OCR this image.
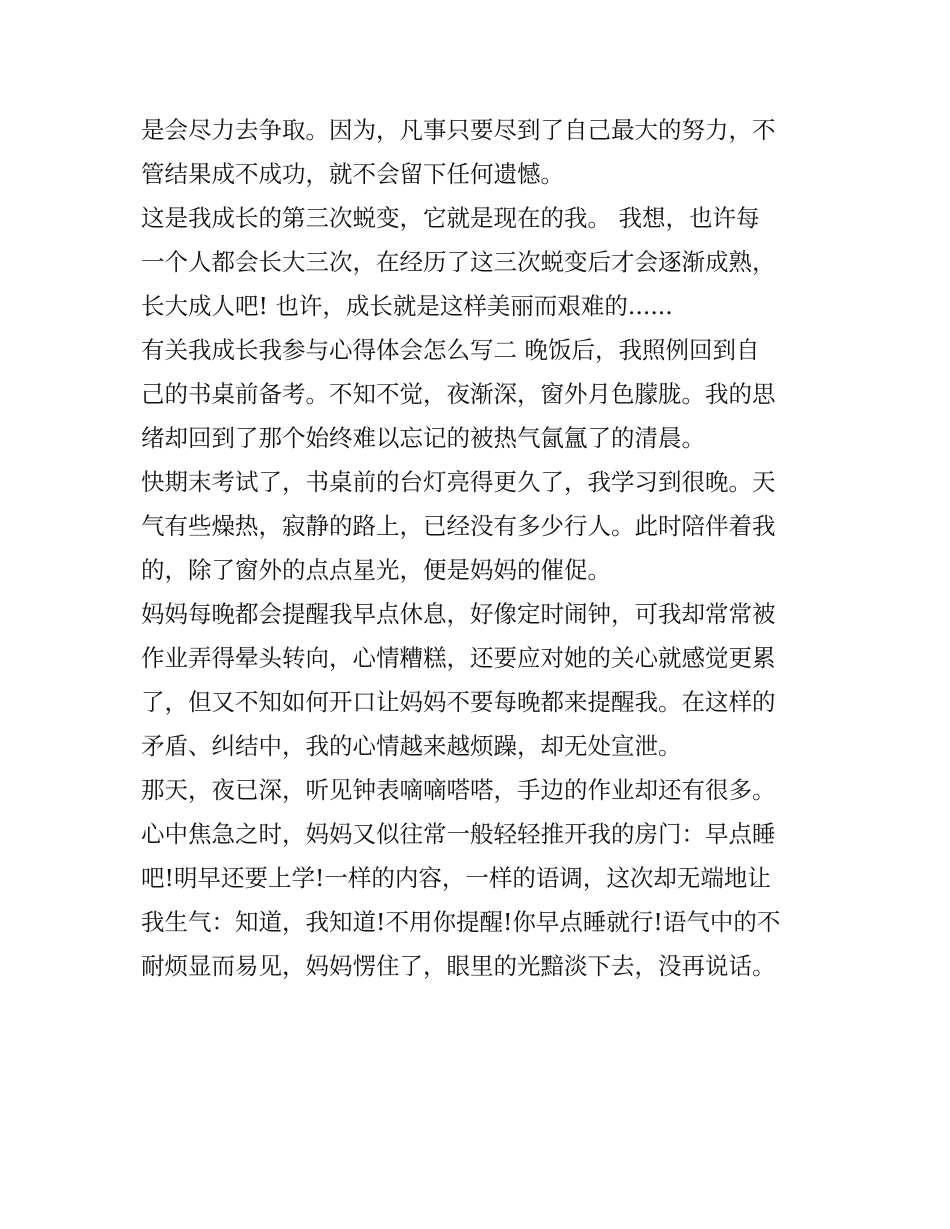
是会尽力去争取。因为，凡事只要尽到了自己最大的努力，不
管结果成不成功，就不会留下任何遗憾。
这是我成长的第三次蜕变，它就是现在的我。 我想，也许每
一个人都会长大三次，在经历了这三次蜕变后才会逐渐成熟，
长大成人吧! 也许，成长就是这样美丽而艰难的......
有关我成长我参与心得体会怎么写二 晚饭后，我照例回到自
己的书桌前备考。不知不觉，夜渐深，窗外月色朦胧。我的思
绪却回到了那个始终难以忘记的被热气氤氲了的清晨。
快期末考试了，书桌前的台灯亮得更久了，我学习到很晚。天
气有些燥热，寂静的路上，已经没有多少行人。此时陪伴着我
的，除了窗外的点点星光，便是妈妈的催促。
妈妈每晚都会提醒我早点休息，好像定时闹钟，可我却常常被
作业弄得晕头转向，心情糟糕，还要应对她的关心就感觉更累
了，但又不知如何开口让妈妈不要每晚都来提醒我。在这样的
矛盾、纠结中，我的心情越来越烦躁，却无处宣泄。
那天，夜已深，听见钟表嘀嘀嗒嗒，手边的作业却还有很多。
心中焦急之时，妈妈又似往常一般轻轻推开我的房门：早点睡
吧!明早还要上学!一样的内容，一样的语调，这次却无端地让
我生气：知道，我知道!不用你提醒!你早点睡就行!语气中的不
耐烦显而易见，妈妈愣住了，眼里的光黯淡下去，没再说话。
